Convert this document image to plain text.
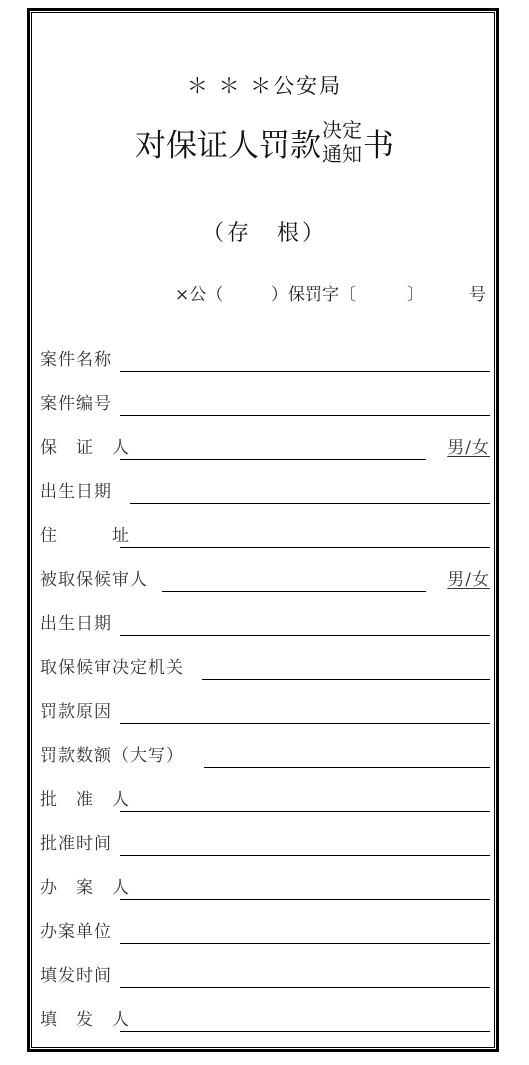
＊ ＊ ＊公安局
对保证人罚款 决定
通知 书
（存　根）
×公（	）保罚字〔	〕	号
案件名称
案件编号
保　证　人	男/女
出生日期
住　　　址
被取保候审人	男/女
出生日期
取保候审决定机关
罚款原因
罚款数额（大写）
批　准　人
批准时间
办　案　人
办案单位
填发时间
填　发　人
